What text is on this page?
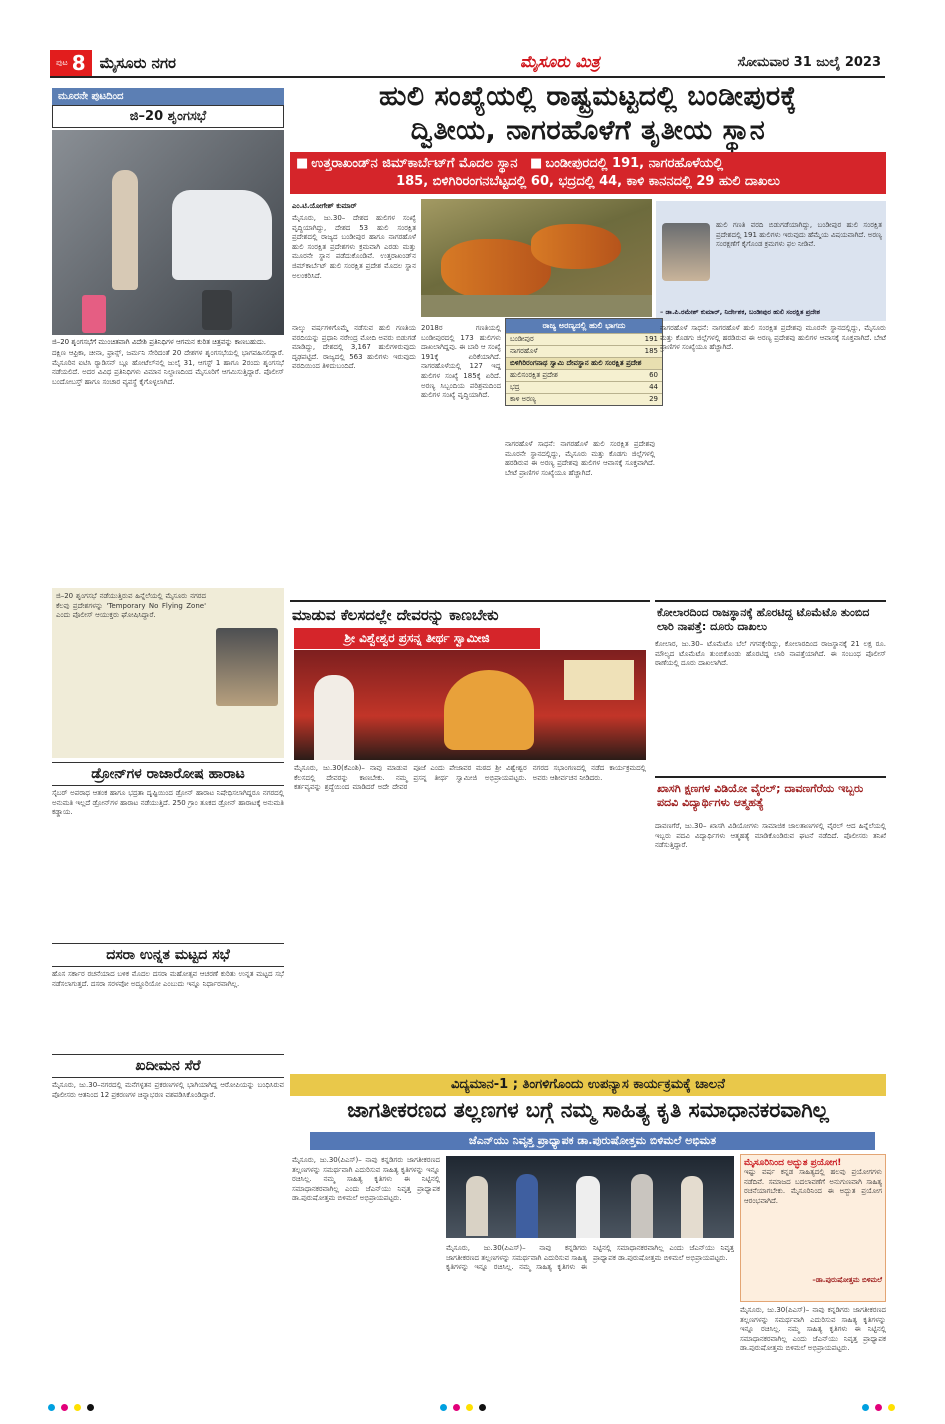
ಪುಟ 8 ಮೈಸೂರು ನಗರ	ಮೈಸೂರು ಮಿತ್ರ	ಸೋಮವಾರ 31 ಜುಲೈ 2023
ಮೂರನೇ ಪುಟದಿಂದ
ಜಿ–20 ಶೃಂಗಸಭೆ
ಜಿ–20 ಶೃಂಗಸಭೆಗೆ ಮುಂಚಿತವಾಗಿ ವಿದೇಶಿ ಪ್ರತಿನಿಧಿಗಳ ಆಗಮನ ಕುರಿತ ಚಿತ್ರವನ್ನು ಕಾಣಬಹುದು.
ದಕ್ಷಿಣ ಆಫ್ರಿಕಾ, ಚೀನಾ, ಫ್ರಾನ್ಸ್, ಜರ್ಮನಿ ಸೇರಿದಂತೆ 20 ದೇಶಗಳ ಶೃಂಗಸಭೆಯಲ್ಲಿ ಭಾಗವಹಿಸಲಿದ್ದಾರೆ. ಮೈಸೂರಿನ ಐಟಿಸಿ ರ‍್ಯಾಡಿಸನ್ ಬ್ಲೂ ಹೋಟೆಲ್‌ನಲ್ಲಿ ಜುಲೈ 31, ಆಗಸ್ಟ್ 1 ಹಾಗೂ 2ರಂದು ಶೃಂಗಸಭೆ ನಡೆಯಲಿದೆ. ಅದರ ವಿವಿಧ ಪ್ರತಿನಿಧಿಗಳು ವಿಮಾನ ನಿಲ್ದಾಣದಿಂದ ಮೈಸೂರಿಗೆ ಆಗಮಿಸುತ್ತಿದ್ದಾರೆ. ಪೊಲೀಸ್ ಬಂದೋಬಸ್ತ್ ಹಾಗೂ ಸಂಚಾರ ವ್ಯವಸ್ಥೆ ಕೈಗೊಳ್ಳಲಾಗಿದೆ.
ಜಿ–20 ಶೃಂಗಸಭೆ ನಡೆಯುತ್ತಿರುವ ಹಿನ್ನೆಲೆಯಲ್ಲಿ ಮೈಸೂರು ನಗರದ ಕೆಲವು ಪ್ರದೇಶಗಳನ್ನು 'Temporary No Flying Zone' ಎಂದು ಪೊಲೀಸ್ ಆಯುಕ್ತರು ಘೋಷಿಸಿದ್ದಾರೆ.
ಡ್ರೋನ್‌ಗಳ ರಾಜಾರೋಷ ಹಾರಾಟ
ಸೈಬರ್ ಅಪರಾಧ ಆತಂಕ ಹಾಗೂ ಭದ್ರತಾ ದೃಷ್ಟಿಯಿಂದ ಡ್ರೋನ್ ಹಾರಾಟ ನಿಷೇಧಿಸಲಾಗಿದ್ದರೂ ನಗರದಲ್ಲಿ ಅನುಮತಿ ಇಲ್ಲದೆ ಡ್ರೋನ್‌ಗಳ ಹಾರಾಟ ನಡೆಯುತ್ತಿದೆ. 250 ಗ್ರಾಂ ತೂಕದ ಡ್ರೋನ್ ಹಾರಾಟಕ್ಕೆ ಅನುಮತಿ ಕಡ್ಡಾಯ.
ದಸರಾ ಉನ್ನತ ಮಟ್ಟದ ಸಭೆ
ಹೊಸ ಸರ್ಕಾರ ರಚನೆಯಾದ ಬಳಿಕ ಮೊದಲ ದಸರಾ ಮಹೋತ್ಸವ ಆಚರಣೆ ಕುರಿತು ಉನ್ನತ ಮಟ್ಟದ ಸಭೆ ನಡೆಸಲಾಗುತ್ತದೆ. ದಸರಾ ಸರಳವೋ ಅದ್ಧೂರಿಯೋ ಎಂಬುದು ಇನ್ನೂ ನಿರ್ಧಾರವಾಗಿಲ್ಲ.
ಖದೀಮನ ಸೆರೆ
ಮೈಸೂರು, ಜು.30–ನಗರದಲ್ಲಿ ಮನೆಗಳ್ಳತನ ಪ್ರಕರಣಗಳಲ್ಲಿ ಭಾಗಿಯಾಗಿದ್ದ ಆರೋಪಿಯನ್ನು ಬಂಧಿಸಿರುವ ಪೊಲೀಸರು ಆತನಿಂದ 12 ಪ್ರಕರಣಗಳ ಚಿನ್ನಾಭರಣ ವಶಪಡಿಸಿಕೊಂಡಿದ್ದಾರೆ.
ಹುಲಿ ಸಂಖ್ಯೆಯಲ್ಲಿ ರಾಷ್ಟ್ರಮಟ್ಟದಲ್ಲಿ ಬಂಡೀಪುರಕ್ಕೆ
ದ್ವಿತೀಯ, ನಾಗರಹೊಳೆಗೆ ತೃತೀಯ ಸ್ಥಾನ
■ ಉತ್ತರಾಖಂಡ್‌ನ ಜಿಮ್‌ಕಾರ್ಬೆಟ್‌ಗೆ ಮೊದಲ ಸ್ಥಾನ ■ ಬಂಡೀಪುರದಲ್ಲಿ 191, ನಾಗರಹೊಳೆಯಲ್ಲಿ
185, ಬಿಳಿಗಿರಿರಂಗನಬೆಟ್ಟದಲ್ಲಿ 60, ಭದ್ರದಲ್ಲಿ 44, ಕಾಳಿ ಕಾನನದಲ್ಲಿ 29 ಹುಲಿ ದಾಖಲು
ಎಂ.ಟಿ.ಯೋಗೇಶ್ ಕುಮಾರ್
ಮೈಸೂರು, ಜು.30– ದೇಶದ ಹುಲಿಗಳ ಸಂಖ್ಯೆ ವೃದ್ಧಿಯಾಗಿದ್ದು, ದೇಶದ 53 ಹುಲಿ ಸಂರಕ್ಷಿತ ಪ್ರದೇಶದಲ್ಲಿ ರಾಜ್ಯದ ಬಂಡೀಪುರ ಹಾಗೂ ನಾಗರಹೊಳೆ ಹುಲಿ ಸಂರಕ್ಷಿತ ಪ್ರದೇಶಗಳು ಕ್ರಮವಾಗಿ ಎರಡು ಮತ್ತು ಮೂರನೇ ಸ್ಥಾನ ಪಡೆದುಕೊಂಡಿವೆ. ಉತ್ತರಾಖಂಡ್‌ನ ಜಿಮ್‌ಕಾರ್ಬೆಟ್ ಹುಲಿ ಸಂರಕ್ಷಿತ ಪ್ರದೇಶ ಮೊದಲ ಸ್ಥಾನ ಅಲಂಕರಿಸಿದೆ.
ಹುಲಿ ಗಣತಿ ವರದಿ ಬಿಡುಗಡೆಯಾಗಿದ್ದು, ಬಂಡೀಪುರ ಹುಲಿ ಸಂರಕ್ಷಿತ ಪ್ರದೇಶದಲ್ಲಿ 191 ಹುಲಿಗಳು ಇರುವುದು ಹೆಮ್ಮೆಯ ವಿಷಯವಾಗಿದೆ. ಅರಣ್ಯ ಸಂರಕ್ಷಣೆಗೆ ಕೈಗೊಂಡ ಕ್ರಮಗಳು ಫಲ ನೀಡಿವೆ.
– ಡಾ.ಪಿ.ರಮೇಶ್ ಕುಮಾರ್, ನಿರ್ದೇಶಕ, ಬಂಡೀಪುರ ಹುಲಿ ಸಂರಕ್ಷಿತ ಪ್ರದೇಶ
ನಾಲ್ಕು ವರ್ಷಗಳಿಗೊಮ್ಮೆ ನಡೆಸುವ ಹುಲಿ ಗಣತಿಯ ವರದಿಯನ್ನು ಪ್ರಧಾನಿ ನರೇಂದ್ರ ಮೋದಿ ಅವರು ಬಿಡುಗಡೆ ಮಾಡಿದ್ದು, ದೇಶದಲ್ಲಿ 3,167 ಹುಲಿಗಳಿರುವುದು ದೃಢಪಟ್ಟಿದೆ. ರಾಜ್ಯದಲ್ಲಿ 563 ಹುಲಿಗಳು ಇರುವುದು ವರದಿಯಿಂದ ತಿಳಿದುಬಂದಿದೆ.
2018ರ ಗಣತಿಯಲ್ಲಿ ಬಂಡೀಪುರದಲ್ಲಿ 173 ಹುಲಿಗಳು ದಾಖಲಾಗಿದ್ದವು. ಈ ಬಾರಿ ಆ ಸಂಖ್ಯೆ 191ಕ್ಕೆ ಏರಿಕೆಯಾಗಿದೆ. ನಾಗರಹೊಳೆಯಲ್ಲಿ 127 ಇದ್ದ ಹುಲಿಗಳ ಸಂಖ್ಯೆ 185ಕ್ಕೆ ಏರಿದೆ. ಅರಣ್ಯ ಸಿಬ್ಬಂದಿಯ ಪರಿಶ್ರಮದಿಂದ ಹುಲಿಗಳ ಸಂಖ್ಯೆ ವೃದ್ಧಿಯಾಗಿದೆ.
ರಾಜ್ಯ ಅರಣ್ಯದಲ್ಲಿ ಹುಲಿ ಭಾಗದು
ಬಂಡೀಪುರ	191
ನಾಗರಹೊಳೆ	185
ಬಿಳಿಗಿರಿರಂಗನಾಥ ಸ್ವಾಮಿ ದೇವಸ್ಥಾನ ಹುಲಿ ಸಂರಕ್ಷಿತ ಪ್ರದೇಶ
ಹುಲಿಸಂರಕ್ಷಿತ ಪ್ರದೇಶ	60
ಭದ್ರ	44
ಕಾಳಿ ಅರಣ್ಯ	29
ನಾಗರಹೊಳೆ ಸಾಧನೆ: ನಾಗರಹೊಳೆ ಹುಲಿ ಸಂರಕ್ಷಿತ ಪ್ರದೇಶವು ಮೂರನೇ ಸ್ಥಾನದಲ್ಲಿದ್ದು, ಮೈಸೂರು ಮತ್ತು ಕೊಡಗು ಜಿಲ್ಲೆಗಳಲ್ಲಿ ಹರಡಿರುವ ಈ ಅರಣ್ಯ ಪ್ರದೇಶವು ಹುಲಿಗಳ ಆವಾಸಕ್ಕೆ ಸೂಕ್ತವಾಗಿದೆ. ಬೇಟೆ ಪ್ರಾಣಿಗಳ ಸಂಖ್ಯೆಯೂ ಹೆಚ್ಚಾಗಿದೆ.
ನಾಗರಹೊಳೆ ಸಾಧನೆ: ನಾಗರಹೊಳೆ ಹುಲಿ ಸಂರಕ್ಷಿತ ಪ್ರದೇಶವು ಮೂರನೇ ಸ್ಥಾನದಲ್ಲಿದ್ದು, ಮೈಸೂರು ಮತ್ತು ಕೊಡಗು ಜಿಲ್ಲೆಗಳಲ್ಲಿ ಹರಡಿರುವ ಈ ಅರಣ್ಯ ಪ್ರದೇಶವು ಹುಲಿಗಳ ಆವಾಸಕ್ಕೆ ಸೂಕ್ತವಾಗಿದೆ. ಬೇಟೆ ಪ್ರಾಣಿಗಳ ಸಂಖ್ಯೆಯೂ ಹೆಚ್ಚಾಗಿದೆ.
ಮಾಡುವ ಕೆಲಸದಲ್ಲೇ ದೇವರನ್ನು ಕಾಣಬೇಕು
ಶ್ರೀ ವಿಶ್ವೇಶ್ವರ ಪ್ರಸನ್ನ ತೀರ್ಥ ಸ್ವಾಮೀಜಿ
ಮೈಸೂರು, ಜು.30(ಕೆಎಂಶಿ)– ನಾವು ಮಾಡುವ ಕೆಲಸದಲ್ಲಿ ದೇವರನ್ನು ಕಾಣಬೇಕು. ನಮ್ಮ ಕರ್ತವ್ಯವನ್ನು ಶ್ರದ್ಧೆಯಿಂದ ಮಾಡಿದರೆ ಅದೇ ದೇವರ ಪೂಜೆ ಎಂದು ಪೇಜಾವರ ಮಠದ ಶ್ರೀ ವಿಶ್ವೇಶ್ವರ ಪ್ರಸನ್ನ ತೀರ್ಥ ಸ್ವಾಮೀಜಿ ಅಭಿಪ್ರಾಯಪಟ್ಟರು. ನಗರದ ಸಭಾಂಗಣದಲ್ಲಿ ನಡೆದ ಕಾರ್ಯಕ್ರಮದಲ್ಲಿ ಅವರು ಆಶೀರ್ವಚನ ನೀಡಿದರು.
ಕೋಲಾರದಿಂದ ರಾಜಸ್ಥಾನಕ್ಕೆ ಹೊರಟಿದ್ದ ಟೊಮೆಟೊ ತುಂಬಿದ ಲಾರಿ ನಾಪತ್ತೆ: ದೂರು ದಾಖಲು
ಕೋಲಾರ, ಜು.30– ಟೊಮೆಟೊ ಬೆಲೆ ಗಗನಕ್ಕೇರಿದ್ದು, ಕೋಲಾರದಿಂದ ರಾಜಸ್ಥಾನಕ್ಕೆ 21 ಲಕ್ಷ ರೂ. ಮೌಲ್ಯದ ಟೊಮೆಟೊ ತುಂಬಿಕೊಂಡು ಹೊರಟಿದ್ದ ಲಾರಿ ನಾಪತ್ತೆಯಾಗಿದೆ. ಈ ಸಂಬಂಧ ಪೊಲೀಸ್ ಠಾಣೆಯಲ್ಲಿ ದೂರು ದಾಖಲಾಗಿದೆ.
ಖಾಸಗಿ ಕ್ಷಣಗಳ ವಿಡಿಯೋ ವೈರಲ್; ದಾವಣಗೆರೆಯ ಇಬ್ಬರು ಪದವಿ ವಿದ್ಯಾರ್ಥಿಗಳು ಆತ್ಮಹತ್ಯೆ
ದಾವಣಗೆರೆ, ಜು.30– ಖಾಸಗಿ ವಿಡಿಯೋಗಳು ಸಾಮಾಜಿಕ ಜಾಲತಾಣಗಳಲ್ಲಿ ವೈರಲ್ ಆದ ಹಿನ್ನೆಲೆಯಲ್ಲಿ ಇಬ್ಬರು ಪದವಿ ವಿದ್ಯಾರ್ಥಿಗಳು ಆತ್ಮಹತ್ಯೆ ಮಾಡಿಕೊಂಡಿರುವ ಘಟನೆ ನಡೆದಿದೆ. ಪೊಲೀಸರು ತನಿಖೆ ನಡೆಸುತ್ತಿದ್ದಾರೆ.
ವಿದ್ಯಮಾನ-1 ; ತಿಂಗಳಿಗೊಂದು ಉಪನ್ಯಾಸ ಕಾರ್ಯಕ್ರಮಕ್ಕೆ ಚಾಲನೆ
ಜಾಗತೀಕರಣದ ತಲ್ಲಣಗಳ ಬಗ್ಗೆ ನಮ್ಮ ಸಾಹಿತ್ಯ ಕೃತಿ ಸಮಾಧಾನಕರವಾಗಿಲ್ಲ
ಜೆಎನ್‌ಯು ನಿವೃತ್ತ ಪ್ರಾಧ್ಯಾಪಕ ಡಾ.ಪುರುಷೋತ್ತಮ ಬಿಳಿಮಲೆ ಅಭಿಮತ
ಮೈಸೂರು, ಜು.30(ಪಿಎಸ್)– ನಾವು ಕನ್ನಡಿಗರು ಜಾಗತೀಕರಣದ ತಲ್ಲಣಗಳನ್ನು ಸಮರ್ಥವಾಗಿ ಎದುರಿಸುವ ಸಾಹಿತ್ಯ ಕೃತಿಗಳನ್ನು ಇನ್ನೂ ರಚಿಸಿಲ್ಲ. ನಮ್ಮ ಸಾಹಿತ್ಯ ಕೃತಿಗಳು ಈ ನಿಟ್ಟಿನಲ್ಲಿ ಸಮಾಧಾನಕರವಾಗಿಲ್ಲ ಎಂದು ಜೆಎನ್‌ಯು ನಿವೃತ್ತ ಪ್ರಾಧ್ಯಾಪಕ ಡಾ.ಪುರುಷೋತ್ತಮ ಬಿಳಿಮಲೆ ಅಭಿಪ್ರಾಯಪಟ್ಟರು.
ಮೈಸೂರು, ಜು.30(ಪಿಎಸ್)– ನಾವು ಕನ್ನಡಿಗರು ಜಾಗತೀಕರಣದ ತಲ್ಲಣಗಳನ್ನು ಸಮರ್ಥವಾಗಿ ಎದುರಿಸುವ ಸಾಹಿತ್ಯ ಕೃತಿಗಳನ್ನು ಇನ್ನೂ ರಚಿಸಿಲ್ಲ. ನಮ್ಮ ಸಾಹಿತ್ಯ ಕೃತಿಗಳು ಈ ನಿಟ್ಟಿನಲ್ಲಿ ಸಮಾಧಾನಕರವಾಗಿಲ್ಲ ಎಂದು ಜೆಎನ್‌ಯು ನಿವೃತ್ತ ಪ್ರಾಧ್ಯಾಪಕ ಡಾ.ಪುರುಷೋತ್ತಮ ಬಿಳಿಮಲೆ ಅಭಿಪ್ರಾಯಪಟ್ಟರು.
ಮೈಸೂರಿನಿಂದ ಅದ್ಭುತ ಪ್ರಯೋಗ!
ಇಷ್ಟು ವರ್ಷ ಕನ್ನಡ ಸಾಹಿತ್ಯದಲ್ಲಿ ಹಲವು ಪ್ರಯೋಗಗಳು ನಡೆದಿವೆ. ಸಮಾಜದ ಬದಲಾವಣೆಗೆ ಅನುಗುಣವಾಗಿ ಸಾಹಿತ್ಯ ರಚನೆಯಾಗಬೇಕು. ಮೈಸೂರಿನಿಂದ ಈ ಅದ್ಭುತ ಪ್ರಯೋಗ ಆರಂಭವಾಗಿದೆ.
–ಡಾ.ಪುರುಷೋತ್ತಮ ಬಿಳಿಮಲೆ
ಮೈಸೂರು, ಜು.30(ಪಿಎಸ್)– ನಾವು ಕನ್ನಡಿಗರು ಜಾಗತೀಕರಣದ ತಲ್ಲಣಗಳನ್ನು ಸಮರ್ಥವಾಗಿ ಎದುರಿಸುವ ಸಾಹಿತ್ಯ ಕೃತಿಗಳನ್ನು ಇನ್ನೂ ರಚಿಸಿಲ್ಲ. ನಮ್ಮ ಸಾಹಿತ್ಯ ಕೃತಿಗಳು ಈ ನಿಟ್ಟಿನಲ್ಲಿ ಸಮಾಧಾನಕರವಾಗಿಲ್ಲ ಎಂದು ಜೆಎನ್‌ಯು ನಿವೃತ್ತ ಪ್ರಾಧ್ಯಾಪಕ ಡಾ.ಪುರುಷೋತ್ತಮ ಬಿಳಿಮಲೆ ಅಭಿಪ್ರಾಯಪಟ್ಟರು.
